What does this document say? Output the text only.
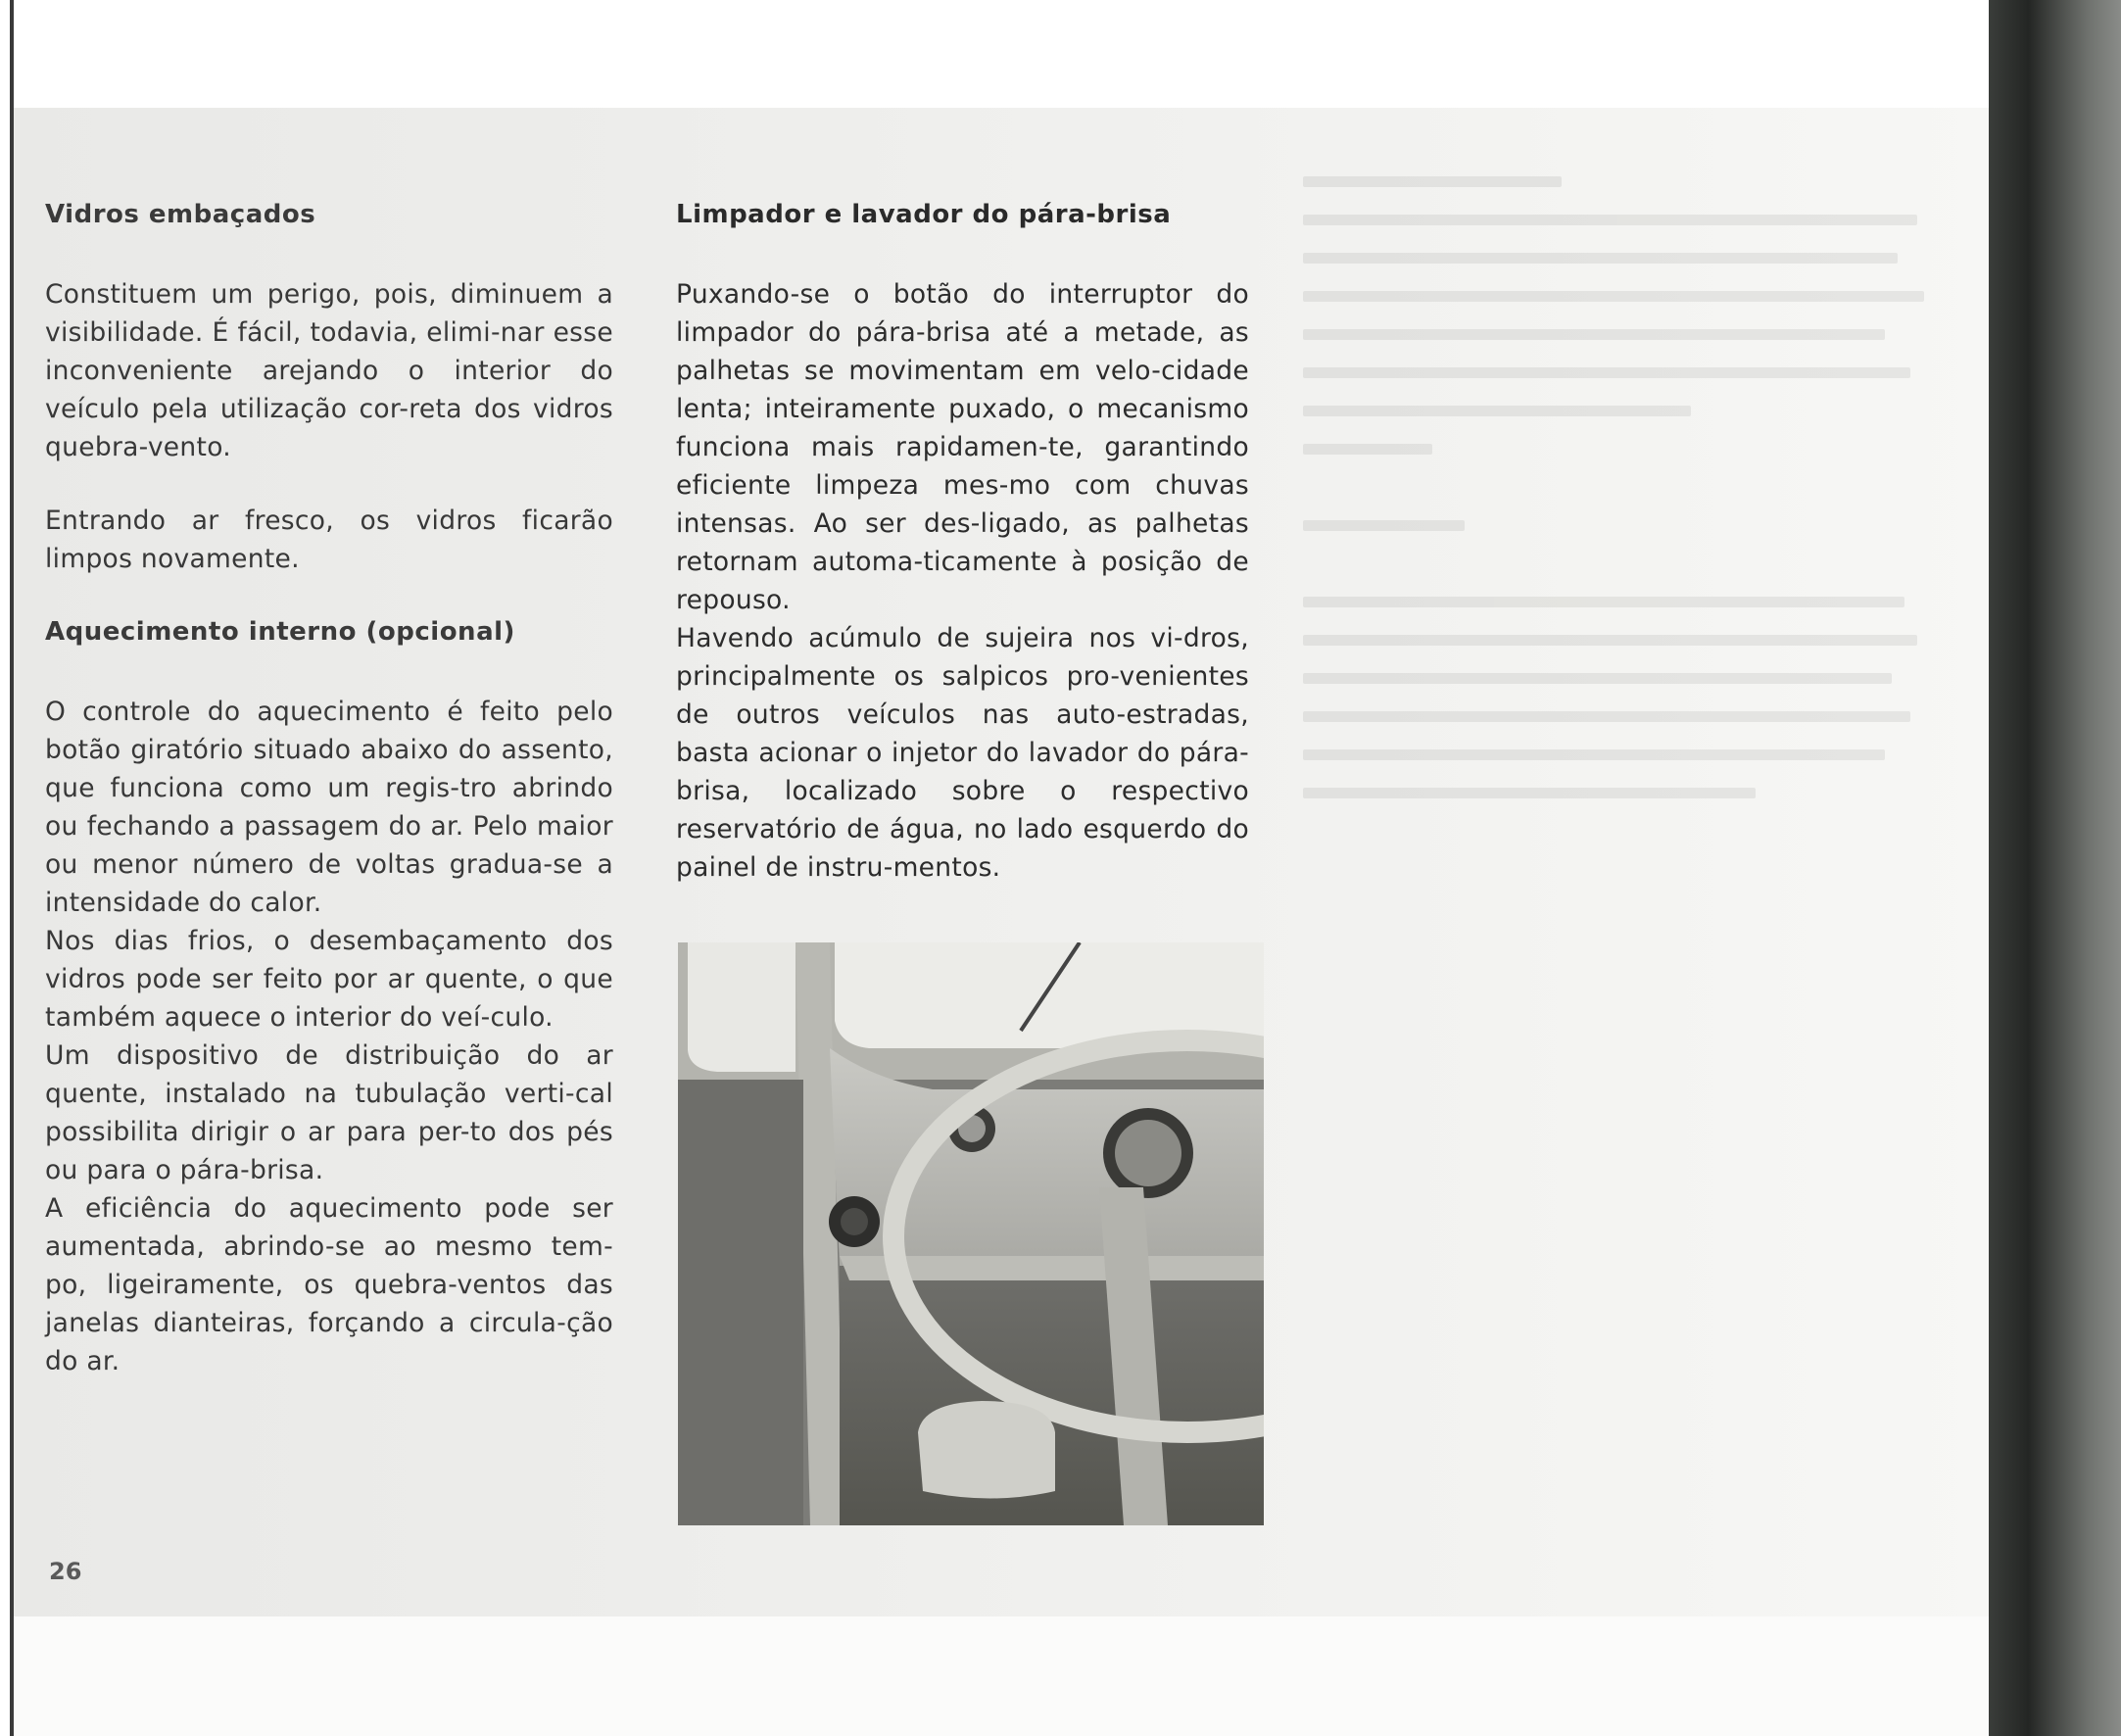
Vidros embaçados

Constituem um perigo, pois, diminuem a visibilidade. É fácil, todavia, elimi-nar esse inconveniente arejando o interior do veículo pela utilização cor-reta dos vidros quebra-vento.

Entrando ar fresco, os vidros ficarão limpos novamente.

Aquecimento interno (opcional)

O controle do aquecimento é feito pelo botão giratório situado abaixo do assento, que funciona como um regis-tro abrindo ou fechando a passagem do ar. Pelo maior ou menor número de voltas gradua-se a intensidade do calor.

Nos dias frios, o desembaçamento dos vidros pode ser feito por ar quente, o que também aquece o interior do veí-culo.

Um dispositivo de distribuição do ar quente, instalado na tubulação verti-cal possibilita dirigir o ar para per-to dos pés ou para o pára-brisa.

A eficiência do aquecimento pode ser aumentada, abrindo-se ao mesmo tem-po, ligeiramente, os quebra-ventos das janelas dianteiras, forçando a circula-ção do ar.

Limpador e lavador do pára-brisa

Puxando-se o botão do interruptor do limpador do pára-brisa até a metade, as palhetas se movimentam em velo-cidade lenta; inteiramente puxado, o mecanismo funciona mais rapidamen-te, garantindo eficiente limpeza mes-mo com chuvas intensas. Ao ser des-ligado, as palhetas retornam automa-ticamente à posição de repouso.

Havendo acúmulo de sujeira nos vi-dros, principalmente os salpicos pro-venientes de outros veículos nas auto-estradas, basta acionar o injetor do lavador do pára-brisa, localizado sobre o respectivo reservatório de água, no lado esquerdo do painel de instru-mentos.

26
